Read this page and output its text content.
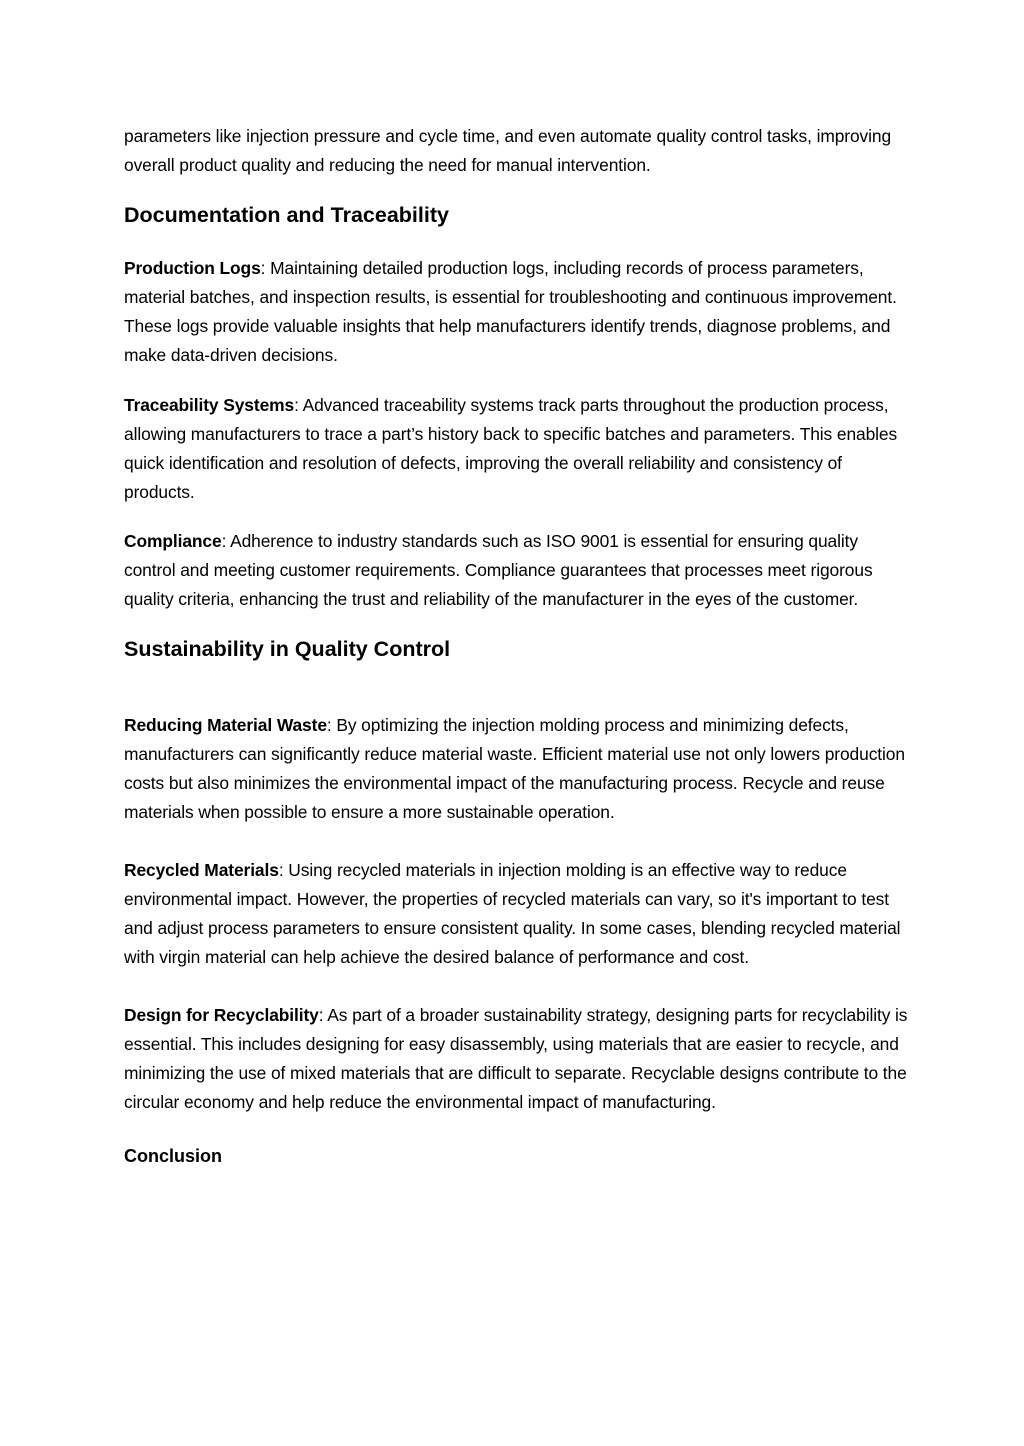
parameters like injection pressure and cycle time, and even automate quality control tasks, improving overall product quality and reducing the need for manual intervention.

Documentation and Traceability

Production Logs: Maintaining detailed production logs, including records of process parameters, material batches, and inspection results, is essential for troubleshooting and continuous improvement. These logs provide valuable insights that help manufacturers identify trends, diagnose problems, and make data-driven decisions.

Traceability Systems: Advanced traceability systems track parts throughout the production process, allowing manufacturers to trace a part’s history back to specific batches and parameters. This enables quick identification and resolution of defects, improving the overall reliability and consistency of products.

Compliance: Adherence to industry standards such as ISO 9001 is essential for ensuring quality control and meeting customer requirements. Compliance guarantees that processes meet rigorous quality criteria, enhancing the trust and reliability of the manufacturer in the eyes of the customer.

Sustainability in Quality Control

Reducing Material Waste: By optimizing the injection molding process and minimizing defects, manufacturers can significantly reduce material waste. Efficient material use not only lowers production costs but also minimizes the environmental impact of the manufacturing process. Recycle and reuse materials when possible to ensure a more sustainable operation.

Recycled Materials: Using recycled materials in injection molding is an effective way to reduce environmental impact. However, the properties of recycled materials can vary, so it's important to test and adjust process parameters to ensure consistent quality. In some cases, blending recycled material with virgin material can help achieve the desired balance of performance and cost.

Design for Recyclability: As part of a broader sustainability strategy, designing parts for recyclability is essential. This includes designing for easy disassembly, using materials that are easier to recycle, and minimizing the use of mixed materials that are difficult to separate. Recyclable designs contribute to the circular economy and help reduce the environmental impact of manufacturing.

Conclusion
